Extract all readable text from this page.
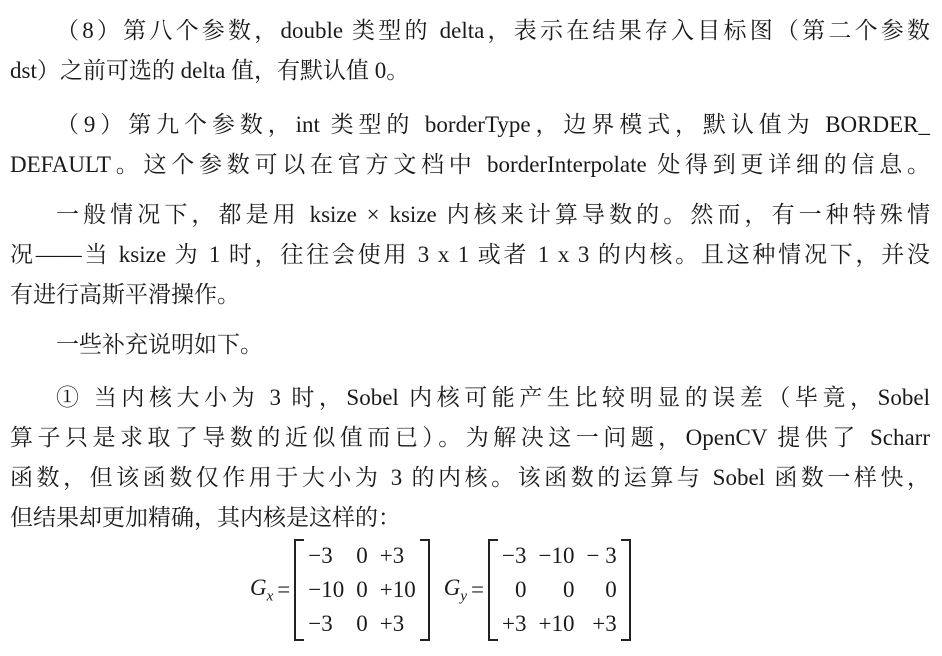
（8）第八个参数，double 类型的 delta，表示在结果存入目标图（第二个参数
dst）之前可选的 delta 值，有默认值 0。
（9）第九个参数，int 类型的 borderType，边界模式，默认值为 BORDER_
DEFAULT。这个参数可以在官方文档中 borderInterpolate 处得到更详细的信息。
一般情况下，都是用 ksize × ksize 内核来计算导数的。然而，有一种特殊情
况——当 ksize 为 1 时，往往会使用 3 x 1 或者 1 x 3 的内核。且这种情况下，并没
有进行高斯平滑操作。
一些补充说明如下。
① 当内核大小为 3 时，Sobel 内核可能产生比较明显的误差（毕竟，Sobel
算子只是求取了导数的近似值而已）。为解决这一问题，OpenCV 提供了 Scharr
函数，但该函数仅作用于大小为 3 的内核。该函数的运算与 Sobel 函数一样快，
但结果却更加精确，其内核是这样的：
$G_x$ =
−3	0	+3
−10	0	+10
−3	0	+3
$G_y$ =
−3	−10	− 3
0	0	0
+3	+10	+3
